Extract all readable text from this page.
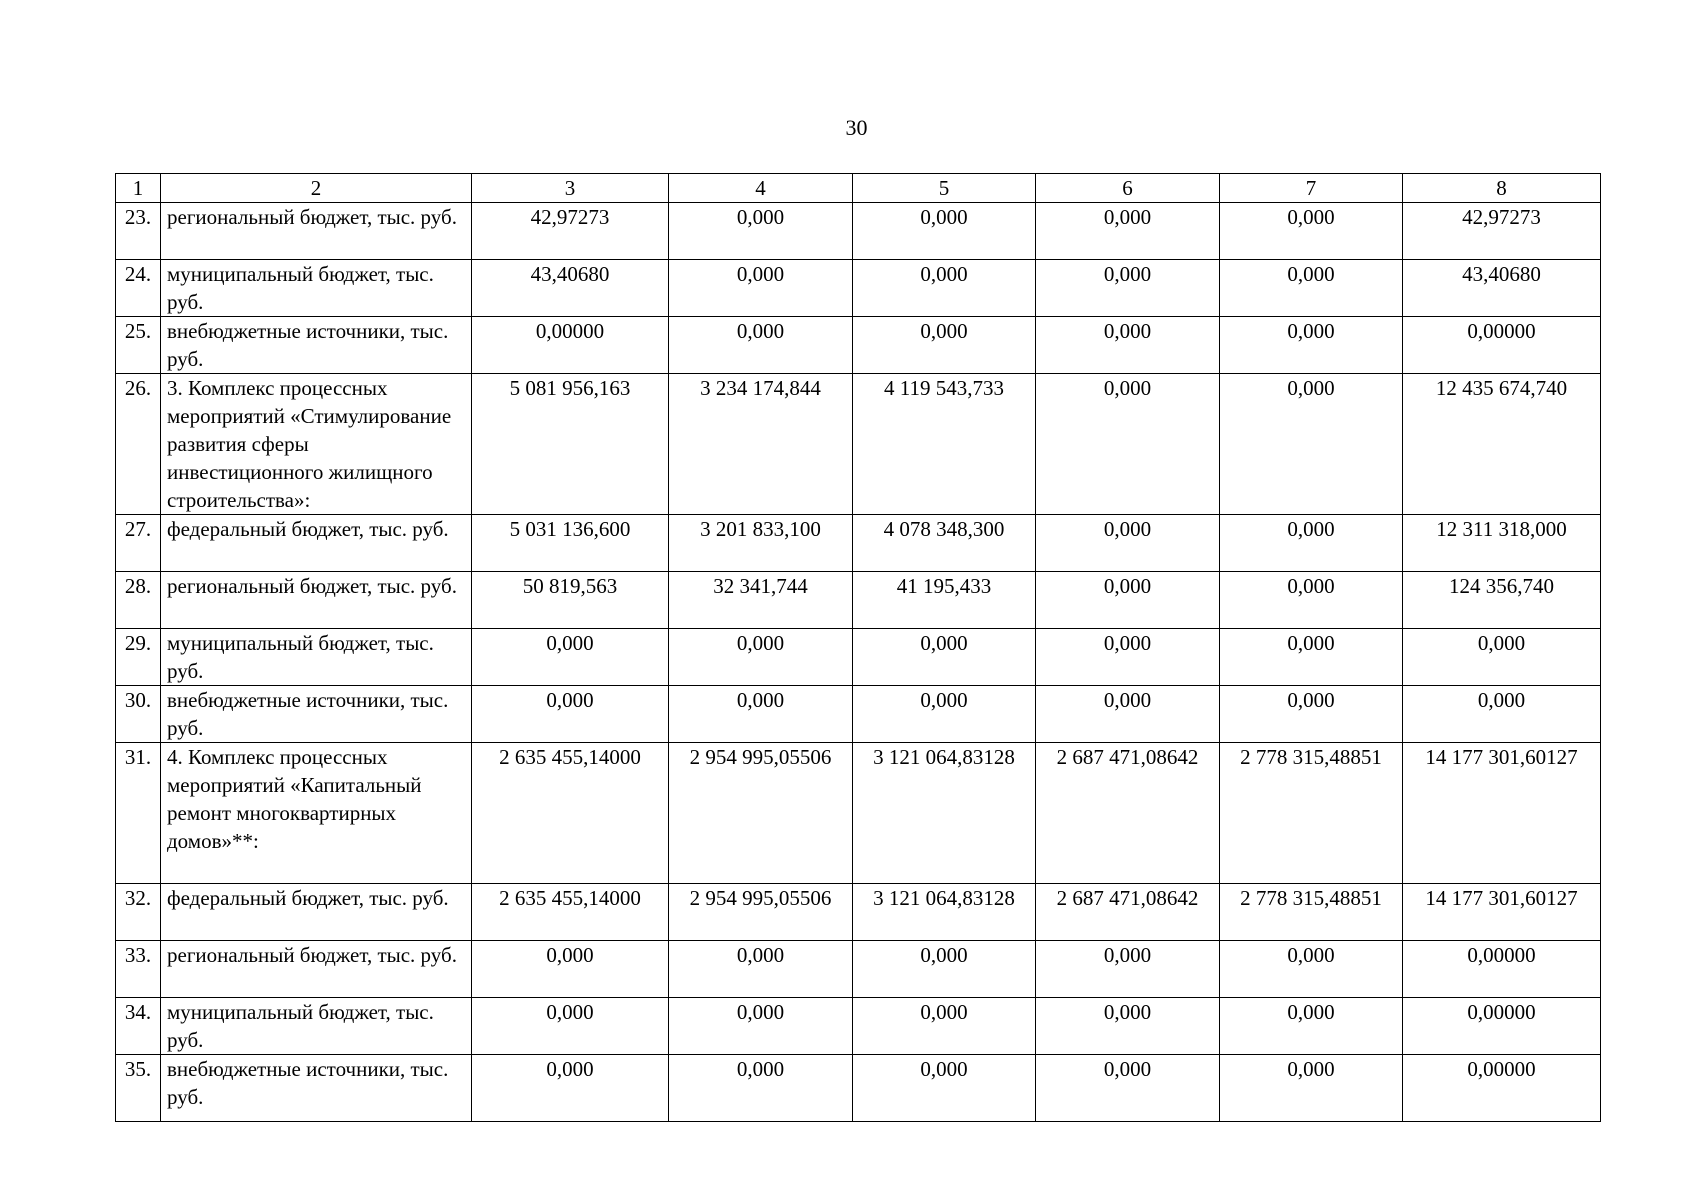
30
1	2	3	4	5	6	7	8
23.	региональный бюджет, тыс. руб.	42,97273	0,000	0,000	0,000	0,000	42,97273
24.	муниципальный бюджет, тыс. руб.	43,40680	0,000	0,000	0,000	0,000	43,40680
25.	внебюджетные источники, тыс. руб.	0,00000	0,000	0,000	0,000	0,000	0,00000
26.	3. Комплекс процессных мероприятий «Стимулирование развития сферы инвестиционного жилищного строительства»:	5 081 956,163	3 234 174,844	4 119 543,733	0,000	0,000	12 435 674,740
27.	федеральный бюджет, тыс. руб.	5 031 136,600	3 201 833,100	4 078 348,300	0,000	0,000	12 311 318,000
28.	региональный бюджет, тыс. руб.	50 819,563	32 341,744	41 195,433	0,000	0,000	124 356,740
29.	муниципальный бюджет, тыс. руб.	0,000	0,000	0,000	0,000	0,000	0,000
30.	внебюджетные источники, тыс. руб.	0,000	0,000	0,000	0,000	0,000	0,000
31.	4. Комплекс процессных мероприятий «Капитальный ремонт многоквартирных домов»**:	2 635 455,14000	2 954 995,05506	3 121 064,83128	2 687 471,08642	2 778 315,48851	14 177 301,60127
32.	федеральный бюджет, тыс. руб.	2 635 455,14000	2 954 995,05506	3 121 064,83128	2 687 471,08642	2 778 315,48851	14 177 301,60127
33.	региональный бюджет, тыс. руб.	0,000	0,000	0,000	0,000	0,000	0,00000
34.	муниципальный бюджет, тыс. руб.	0,000	0,000	0,000	0,000	0,000	0,00000
35.	внебюджетные источники, тыс. руб.	0,000	0,000	0,000	0,000	0,000	0,00000
